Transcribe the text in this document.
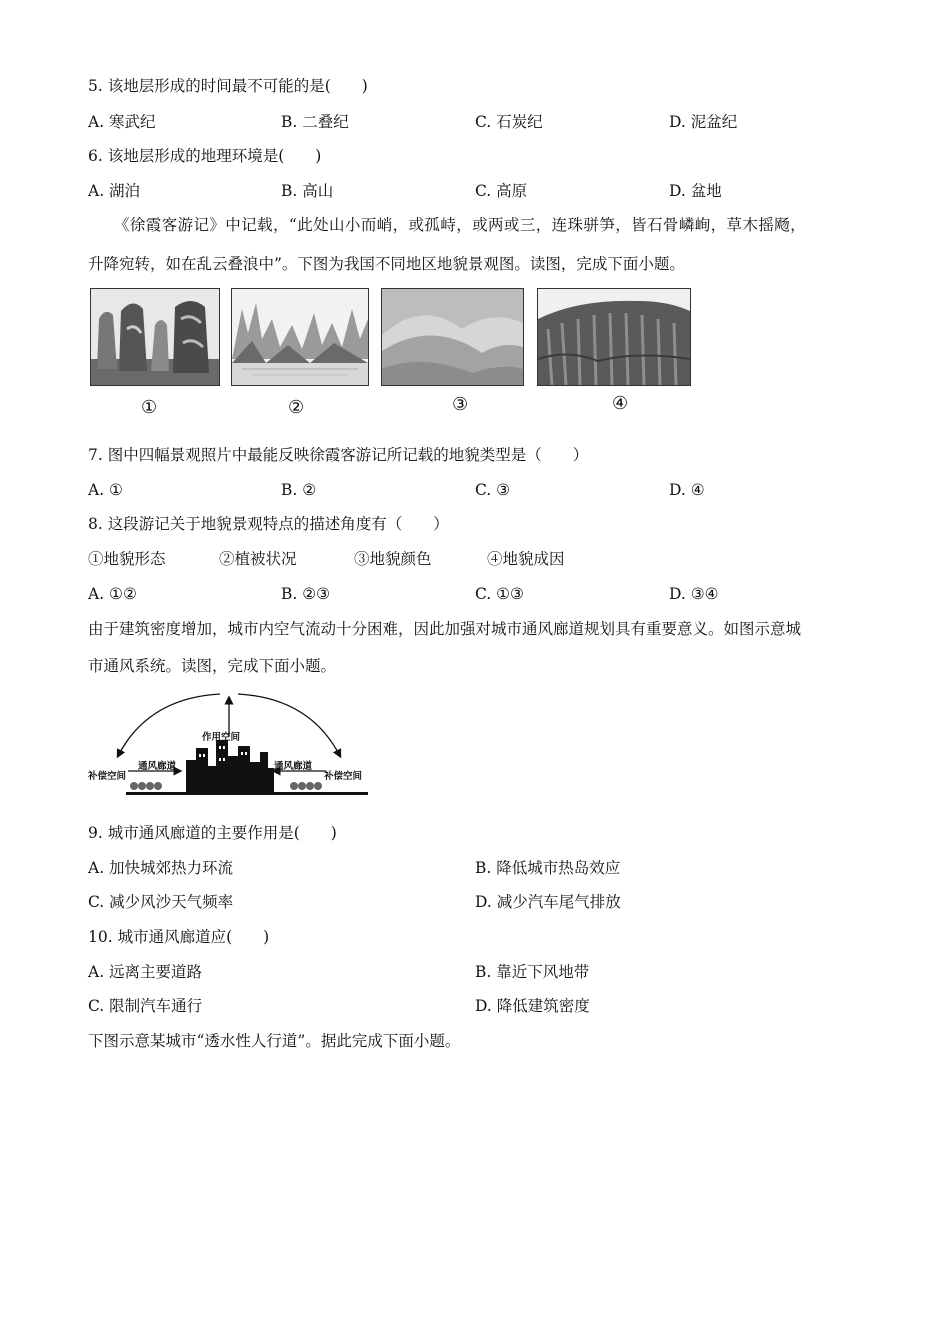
5. 该地层形成的时间最不可能的是(　　)
A. 寒武纪	B. 二叠纪	C. 石炭纪	D. 泥盆纪
6. 该地层形成的地理环境是(　　)
A. 湖泊	B. 高山	C. 高原	D. 盆地
《徐霞客游记》中记载，“此处山小而峭，或孤峙，或两或三，连珠骈笋，皆石骨嶙峋，草木摇飏，
升降宛转，如在乱云叠浪中”。下图为我国不同地区地貌景观图。读图，完成下面小题。
①	②	③	④
7. 图中四幅景观照片中最能反映徐霞客游记所记载的地貌类型是（　　）
A. ①	B. ②	C. ③	D. ④
8. 这段游记关于地貌景观特点的描述角度有（　　）
①地貌形态	②植被状况	③地貌颜色	④地貌成因
A. ①②	B. ②③	C. ①③	D. ③④
由于建筑密度增加，城市内空气流动十分困难，因此加强对城市通风廊道规划具有重要意义。如图示意城
市通风系统。读图，完成下面小题。
作用空间
通风廊道	通风廊道
补偿空间	补偿空间
9. 城市通风廊道的主要作用是(　　)
A. 加快城郊热力环流	B. 降低城市热岛效应
C. 减少风沙天气频率	D. 减少汽车尾气排放
10. 城市通风廊道应(　　)
A. 远离主要道路	B. 靠近下风地带
C. 限制汽车通行	D. 降低建筑密度
下图示意某城市“透水性人行道”。据此完成下面小题。
